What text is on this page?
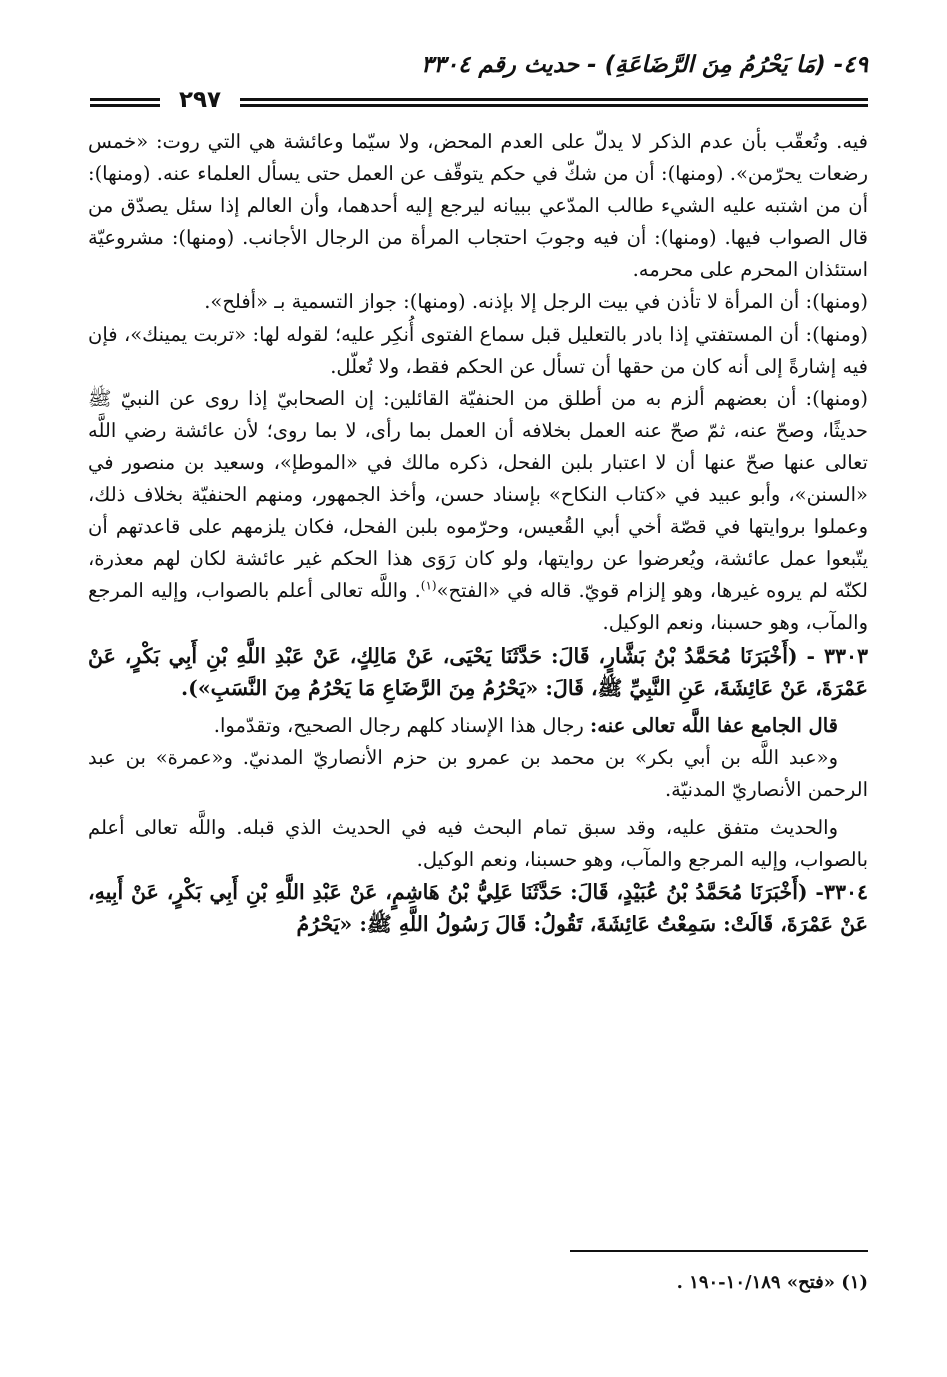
٤٩- (مَا يَحْرُمُ مِنَ الرَّضَاعَةِ) - حديث رقم ٣٣٠٤
٢٩٧

فيه. وتُعقّب بأن عدم الذكر لا يدلّ على العدم المحض، ولا سيّما وعائشة هي التي روت: «خمس رضعات يحرّمن». (ومنها): أن من شكّ في حكم يتوقّف عن العمل حتى يسأل العلماء عنه. (ومنها): أن من اشتبه عليه الشيء طالب المدّعي ببيانه ليرجع إليه أحدهما، وأن العالم إذا سئل يصدّق من قال الصواب فيها. (ومنها): أن فيه وجوبَ احتجاب المرأة من الرجال الأجانب. (ومنها): مشروعيّة استئذان المحرم على محرمه.

(ومنها): أن المرأة لا تأذن في بيت الرجل إلا بإذنه. (ومنها): جواز التسمية بـ «أفلح».

(ومنها): أن المستفتي إذا بادر بالتعليل قبل سماع الفتوى أُنكِر عليه؛ لقوله لها: «تربت يمينك»، فإن فيه إشارةً إلى أنه كان من حقها أن تسأل عن الحكم فقط، ولا تُعلّل.

(ومنها): أن بعضهم ألزم به من أطلق من الحنفيّة القائلين: إن الصحابيّ إذا روى عن النبيّ ﷺ حديثًا، وصحّ عنه، ثمّ صحّ عنه العمل بخلافه أن العمل بما رأى، لا بما روى؛ لأن عائشة رضي اللَّه تعالى عنها صحّ عنها أن لا اعتبار بلبن الفحل، ذكره مالك في «الموطإ»، وسعيد بن منصور في «السنن»، وأبو عبيد في «كتاب النكاح» بإسناد حسن، وأخذ الجمهور، ومنهم الحنفيّة بخلاف ذلك، وعملوا بروايتها في قصّة أخي أبي القُعيس، وحرّموه بلبن الفحل، فكان يلزمهم على قاعدتهم أن يتّبعوا عمل عائشة، ويُعرضوا عن روايتها، ولو كان رَوَى هذا الحكم غير عائشة لكان لهم معذرة، لكنّه لم يروه غيرها، وهو إلزام قويّ. قاله في «الفتح»$^{(١)}$. واللَّه تعالى أعلم بالصواب، وإليه المرجع والمآب، وهو حسبنا، ونعم الوكيل.

٣٣٠٣ - (أَخْبَرَنَا مُحَمَّدُ بْنُ بَشَّارٍ، قَالَ: حَدَّثَنَا يَحْيَى، عَنْ مَالِكٍ، عَنْ عَبْدِ اللَّهِ بْنِ أَبِي بَكْرٍ، عَنْ عَمْرَةَ، عَنْ عَائِشَةَ، عَنِ النَّبِيِّ ﷺ، قَالَ: «يَحْرُمُ مِنَ الرَّضَاعِ مَا يَحْرُمُ مِنَ النَّسَبِ»).

قال الجامع عفا اللَّه تعالى عنه: رجال هذا الإسناد كلهم رجال الصحيح، وتقدّموا.

و«عبد اللَّه بن أبي بكر» بن محمد بن عمرو بن حزم الأنصاريّ المدنيّ. و«عمرة» بن عبد الرحمن الأنصاريّ المدنيّة.

والحديث متفق عليه، وقد سبق تمام البحث فيه في الحديث الذي قبله. واللَّه تعالى أعلم بالصواب، وإليه المرجع والمآب، وهو حسبنا، ونعم الوكيل.

٣٣٠٤- (أَخْبَرَنَا مُحَمَّدُ بْنُ عُبَيْدٍ، قَالَ: حَدَّثَنَا عَلِيُّ بْنُ هَاشِمٍ، عَنْ عَبْدِ اللَّهِ بْنِ أَبِي بَكْرٍ، عَنْ أَبِيهِ، عَنْ عَمْرَةَ، قَالَتْ: سَمِعْتُ عَائِشَةَ، تَقُولُ: قَالَ رَسُولُ اللَّهِ ﷺ: «يَحْرُمُ

(١) «فتح» ١٠/١٨٩-١٩٠ .
